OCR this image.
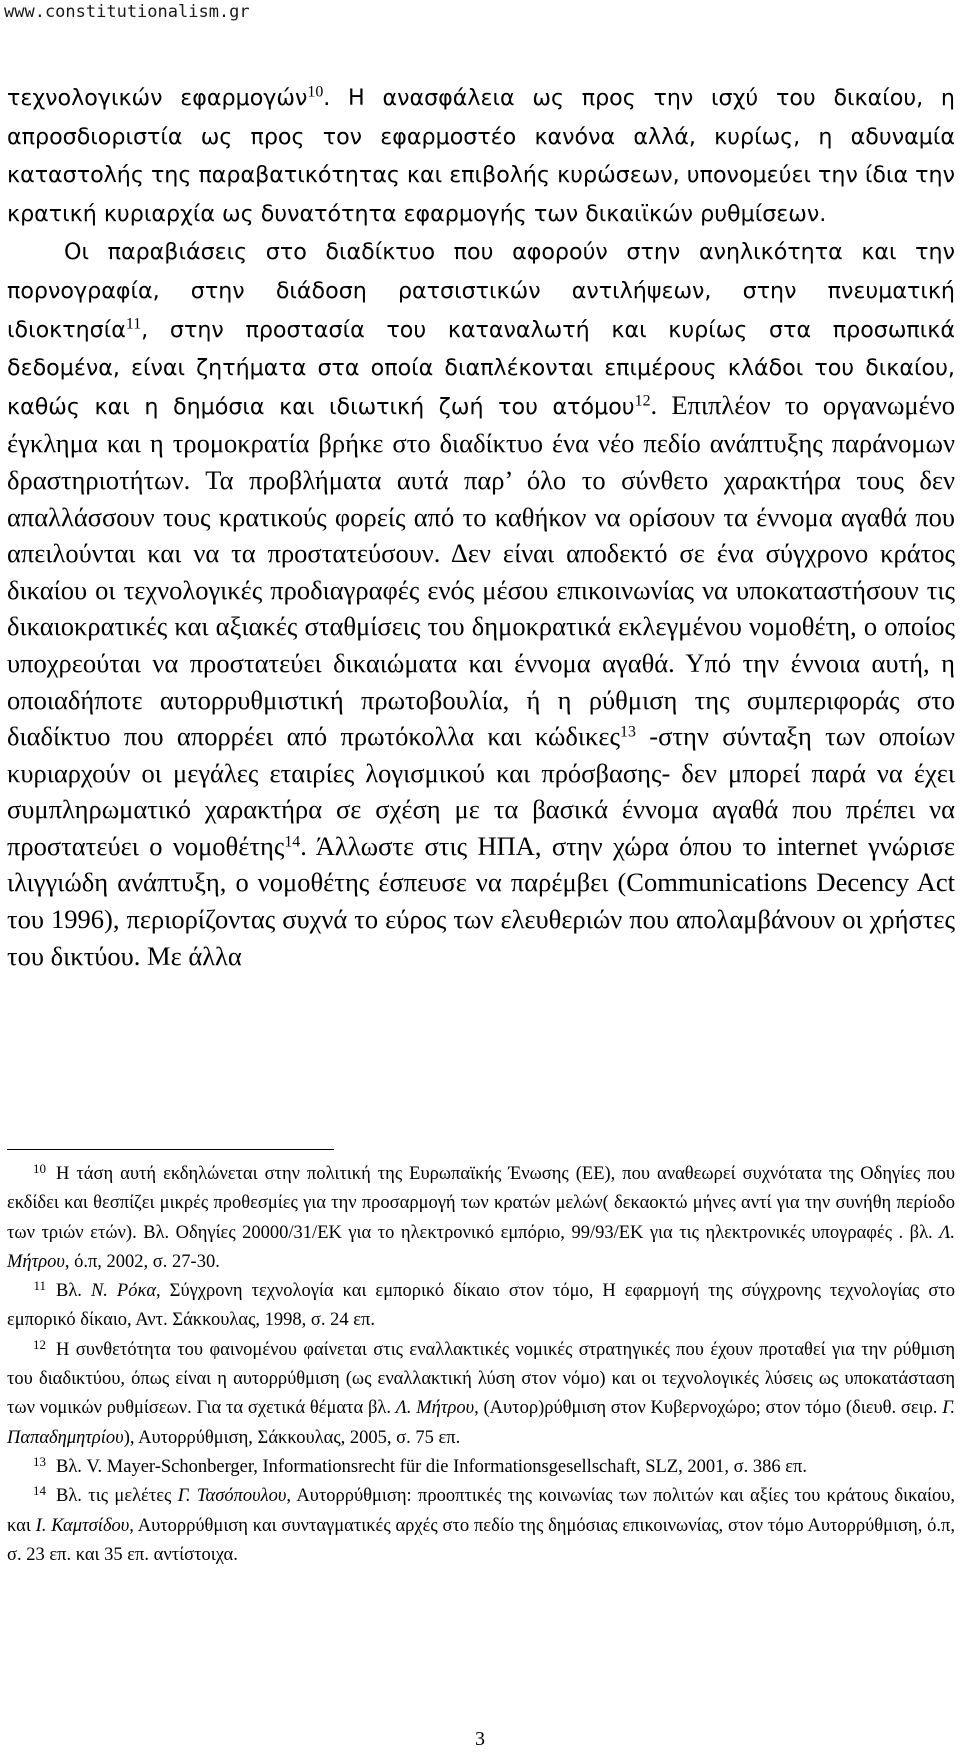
www.constitutionalism.gr

τεχνολογικών εφαρμογών$^{10}$. Η ανασφάλεια ως προς την ισχύ του δικαίου, η απροσδιοριστία ως προς τον εφαρμοστέο κανόνα αλλά, κυρίως, η αδυναμία καταστολής της παραβατικότητας και επιβολής κυρώσεων, υπονομεύει την ίδια την κρατική κυριαρχία ως δυνατότητα εφαρμογής των δικαιϊκών ρυθμίσεων.

Οι παραβιάσεις στο διαδίκτυο που αφορούν στην ανηλικότητα και την πορνογραφία, στην διάδοση ρατσιστικών αντιλήψεων, στην πνευματική ιδιοκτησία$^{11}$, στην προστασία του καταναλωτή και κυρίως στα προσωπικά δεδομένα, είναι ζητήματα στα οποία διαπλέκονται επιμέρους κλάδοι του δικαίου, καθώς και η δημόσια και ιδιωτική ζωή του ατόμου$^{12}$. Επιπλέον το οργανωμένο έγκλημα και η τρομοκρατία βρήκε στο διαδίκτυο ένα νέο πεδίο ανάπτυξης παράνομων δραστηριοτήτων. Τα προβλήματα αυτά παρ’ όλο το σύνθετο χαρακτήρα τους δεν απαλλάσσουν τους κρατικούς φορείς από το καθήκον να ορίσουν τα έννομα αγαθά που απειλούνται και να τα προστατεύσουν. Δεν είναι αποδεκτό σε ένα σύγχρονο κράτος δικαίου οι τεχνολογικές προδιαγραφές ενός μέσου επικοινωνίας να υποκαταστήσουν τις δικαιοκρατικές και αξιακές σταθμίσεις του δημοκρατικά εκλεγμένου νομοθέτη, ο οποίος υποχρεούται να προστατεύει δικαιώματα και έννομα αγαθά. Υπό την έννοια αυτή, η οποιαδήποτε αυτορρυθμιστική πρωτοβουλία, ή η ρύθμιση της συμπεριφοράς στο διαδίκτυο που απορρέει από πρωτόκολλα και κώδικες$^{13}$ -στην σύνταξη των οποίων κυριαρχούν οι μεγάλες εταιρίες λογισμικού και πρόσβασης- δεν μπορεί παρά να έχει συμπληρωματικό χαρακτήρα σε σχέση με τα βασικά έννομα αγαθά που πρέπει να προστατεύει ο νομοθέτης$^{14}$. Άλλωστε στις ΗΠΑ, στην χώρα όπου το internet γνώρισε ιλιγγιώδη ανάπτυξη, ο νομοθέτης έσπευσε να παρέμβει (Communications Decency Act του 1996), περιορίζοντας συχνά το εύρος των ελευθεριών που απολαμβάνουν οι χρήστες του δικτύου. Με άλλα

$^{10}$ Η τάση αυτή εκδηλώνεται στην πολιτική της Ευρωπαϊκής Ένωσης (ΕΕ), που αναθεωρεί συχνότατα της Οδηγίες που εκδίδει και θεσπίζει μικρές προθεσμίες για την προσαρμογή των κρατών μελών( δεκαοκτώ μήνες αντί για την συνήθη περίοδο των τριών ετών). Βλ. Οδηγίες 20000/31/ΕΚ για το ηλεκτρονικό εμπόριο, 99/93/ΕΚ για τις ηλεκτρονικές υπογραφές . βλ. Λ. Μήτρου, ό.π, 2002, σ. 27-30.

$^{11}$ Βλ. Ν. Ρόκα, Σύγχρονη τεχνολογία και εμπορικό δίκαιο στον τόμο, Η εφαρμογή της σύγχρονης τεχνολογίας στο εμπορικό δίκαιο, Αντ. Σάκκουλας, 1998, σ. 24 επ.

$^{12}$ Η συνθετότητα του φαινομένου φαίνεται στις εναλλακτικές νομικές στρατηγικές που έχουν προταθεί για την ρύθμιση του διαδικτύου, όπως είναι η αυτορρύθμιση (ως εναλλακτική λύση στον νόμο) και οι τεχνολογικές λύσεις ως υποκατάσταση των νομικών ρυθμίσεων. Για τα σχετικά θέματα βλ. Λ. Μήτρου, (Αυτορ)ρύθμιση στον Κυβερνοχώρο; στον τόμο (διευθ. σειρ. Γ. Παπαδημητρίου), Αυτορρύθμιση, Σάκκουλας, 2005, σ. 75 επ.

$^{13}$ Βλ. V. Mayer-Schonberger, Informationsrecht für die Informationsgesellschaft, SLZ, 2001, σ. 386 επ.

$^{14}$ Βλ. τις μελέτες Γ. Τασόπουλου, Αυτορρύθμιση: προοπτικές της κοινωνίας των πολιτών και αξίες του κράτους δικαίου, και Ι. Καμτσίδου, Αυτορρύθμιση και συνταγματικές αρχές στο πεδίο της δημόσιας επικοινωνίας, στον τόμο Αυτορρύθμιση, ό.π, σ. 23 επ. και 35 επ. αντίστοιχα.

3
